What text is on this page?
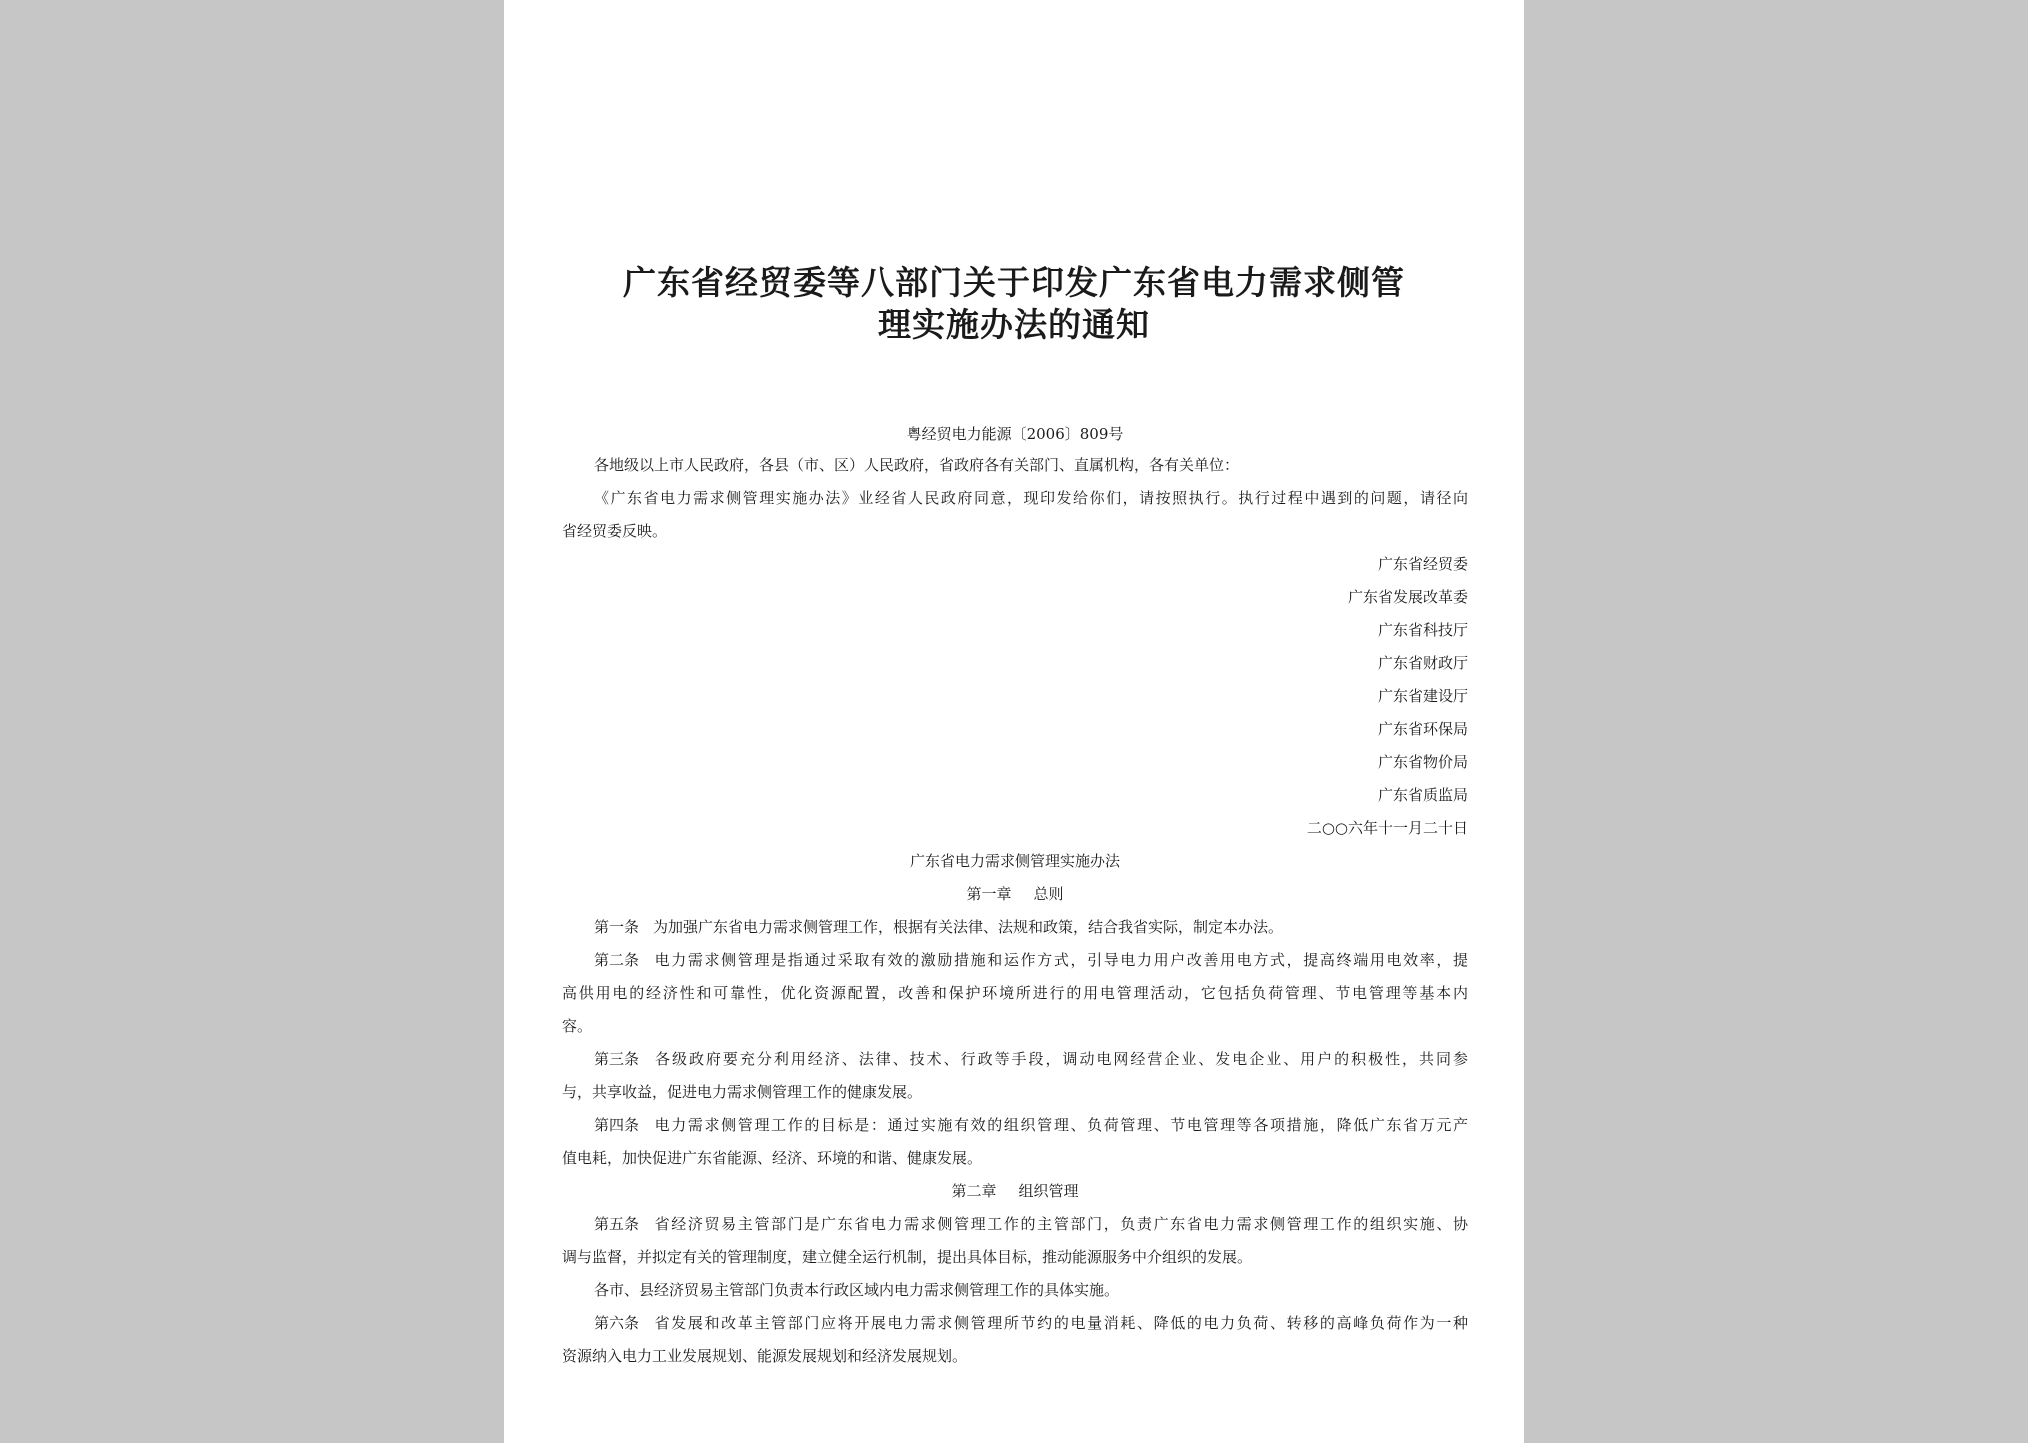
广东省经贸委等八部门关于印发广东省电力需求侧管
理实施办法的通知
粤经贸电力能源〔2006〕809号
各地级以上市人民政府，各县（市、区）人民政府，省政府各有关部门、直属机构，各有关单位：
《广东省电力需求侧管理实施办法》业经省人民政府同意，现印发给你们，请按照执行。执行过程中遇到的问题，请径向
省经贸委反映。
广东省经贸委
广东省发展改革委
广东省科技厅
广东省财政厅
广东省建设厅
广东省环保局
广东省物价局
广东省质监局
二○○六年十一月二十日
广东省电力需求侧管理实施办法
第一章 总则
第一条 为加强广东省电力需求侧管理工作，根据有关法律、法规和政策，结合我省实际，制定本办法。
第二条 电力需求侧管理是指通过采取有效的激励措施和运作方式，引导电力用户改善用电方式，提高终端用电效率，提
高供用电的经济性和可靠性，优化资源配置，改善和保护环境所进行的用电管理活动，它包括负荷管理、节电管理等基本内
容。
第三条 各级政府要充分利用经济、法律、技术、行政等手段，调动电网经营企业、发电企业、用户的积极性，共同参
与，共享收益，促进电力需求侧管理工作的健康发展。
第四条 电力需求侧管理工作的目标是：通过实施有效的组织管理、负荷管理、节电管理等各项措施，降低广东省万元产
值电耗，加快促进广东省能源、经济、环境的和谐、健康发展。
第二章 组织管理
第五条 省经济贸易主管部门是广东省电力需求侧管理工作的主管部门，负责广东省电力需求侧管理工作的组织实施、协
调与监督，并拟定有关的管理制度，建立健全运行机制，提出具体目标，推动能源服务中介组织的发展。
各市、县经济贸易主管部门负责本行政区域内电力需求侧管理工作的具体实施。
第六条 省发展和改革主管部门应将开展电力需求侧管理所节约的电量消耗、降低的电力负荷、转移的高峰负荷作为一种
资源纳入电力工业发展规划、能源发展规划和经济发展规划。
